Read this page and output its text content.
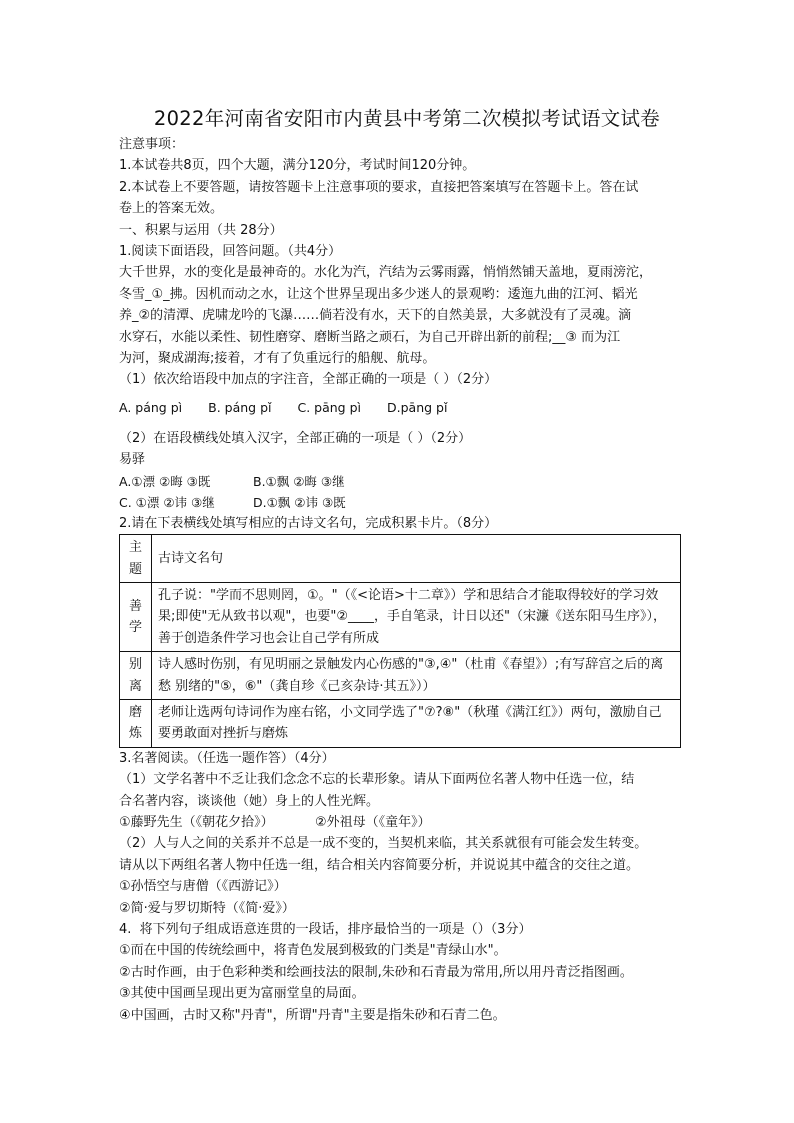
2022年河南省安阳市内黄县中考第二次模拟考试语文试卷

注意事项：

1.本试卷共8页，四个大题，满分120分，考试时间120分钟。

2.本试卷上不要答题，请按答题卡上注意事项的要求，直接把答案填写在答题卡上。答在试

卷上的答案无效。

一、积累与运用（共 28分）

1.阅读下面语段，回答问题。（共4分）

大千世界，水的变化是最神奇的。水化为汽，汽结为云雾雨露，悄悄然铺天盖地，夏雨滂沱，

冬雪_①_拂。因机而动之水，让这个世界呈现出多少迷人的景观哟：逶迤九曲的江河、韬光

养_②的清潭、虎啸龙吟的飞瀑……倘若没有水，天下的自然美景，大多就没有了灵魂。滴

水穿石，水能以柔性、韧性磨穿、磨断当路之顽石，为自己开辟出新的前程;__③ 而为江

为河，聚成湖海;接着，才有了负重远行的船舰、航母。

（1）依次给语段中加点的字注音，全部正确的一项是（ ）（2分）

A. páng pì B. páng pǐ C. pāng pì D.pāng pǐ

（2）在语段横线处填入汉字，全部正确的一项是（ ）（2分）

易驿

A.①漂 ②晦 ③既	B.①飘 ②晦 ③继
C. ①漂 ②讳 ③继	D.①飘 ②讳 ③既

2.请在下表横线处填写相应的古诗文名句，完成积累卡片。（8分）

主题	古诗文名句
善学	孔子说："学而不思则罔，①。"（《<论语>十二章》）学和思结合才能取得较好的学习效果;即使"无从致书以观"，也要"②____，手自笔录，计日以还"（宋濂《送东阳马生序》），善于创造条件学习也会让自己学有所成
别离	诗人感时伤别，有见明丽之景触发内心伤感的"③,④"（杜甫《春望》）;有写辞宫之后的离愁 别绪的"⑤，⑥"（龚自珍《己亥杂诗·其五》））
磨炼	老师让选两句诗词作为座右铭，小文同学选了"⑦?⑧"（秋瑾《满江红》）两句，激励自己要勇敢面对挫折与磨炼

3.名著阅读。（任选一题作答）（4分）

（1）文学名著中不乏让我们念念不忘的长辈形象。请从下面两位名著人物中任选一位，结

合名著内容，谈谈他（她）身上的人性光辉。

①藤野先生（《朝花夕拾》）          ②外祖母（《童年》）

（2）人与人之间的关系并不总是一成不变的，当契机来临，其关系就很有可能会发生转变。

请从以下两组名著人物中任选一组，结合相关内容简要分析，并说说其中蕴含的交往之道。

①孙悟空与唐僧（《西游记》）

②简·爱与罗切斯特（《简·爱》）

4.  将下列句子组成语意连贯的一段话，排序最恰当的一项是（）（3分）

①而在中国的传统绘画中，将青色发展到极致的门类是"青绿山水"。

②古时作画，由于色彩种类和绘画技法的限制,朱砂和石青最为常用,所以用丹青泛指图画。

③其使中国画呈现出更为富丽堂皇的局面。

④中国画，古时又称"丹青"，所谓"丹青"主要是指朱砂和石青二色。
